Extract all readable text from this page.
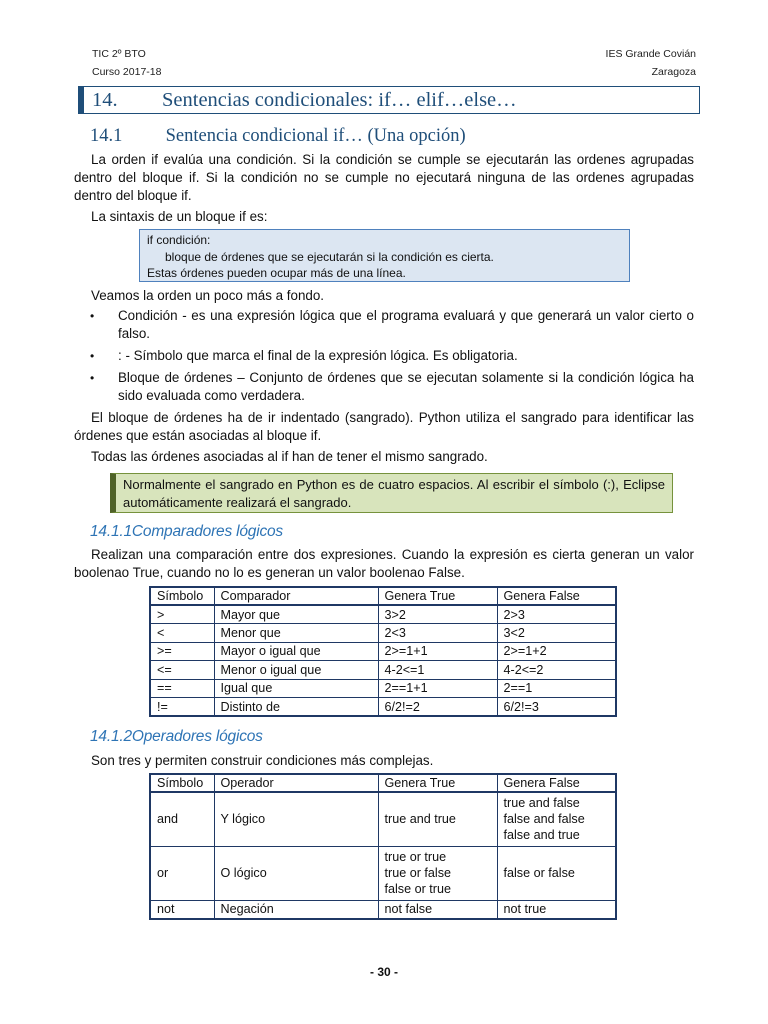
TIC 2º BTO
Curso 2017-18
IES Grande Covián
Zaragoza
14.	Sentencias condicionales: if… elif…else…
14.1 Sentencia condicional if… (Una opción)

La orden if evalúa una condición. Si la condición se cumple se ejecutarán las ordenes agrupadas dentro del bloque if. Si la condición no se cumple no ejecutará ninguna de las ordenes agrupadas dentro del bloque if.

La sintaxis de un bloque if es:

if condición:
bloque de órdenes que se ejecutarán si la condición es cierta.
Estas órdenes pueden ocupar más de una línea.

Veamos la orden un poco más a fondo.

• Condición - es una expresión lógica que el programa evaluará y que generará un valor cierto o falso.
• : - Símbolo que marca el final de la expresión lógica. Es obligatoria.
• Bloque de órdenes – Conjunto de órdenes que se ejecutan solamente si la condición lógica ha sido evaluada como verdadera.

El bloque de órdenes ha de ir indentado (sangrado). Python utiliza el sangrado para identificar las órdenes que están asociadas al bloque if.

Todas las órdenes asociadas al if han de tener el mismo sangrado.

Normalmente el sangrado en Python es de cuatro espacios. Al escribir el símbolo (:), Eclipse automáticamente realizará el sangrado.
14.1.1Comparadores lógicos

Realizan una comparación entre dos expresiones. Cuando la expresión es cierta generan un valor boolenao True, cuando no lo es generan un valor boolenao False.

Símbolo	Comparador	Genera True	Genera False
>	Mayor que	3>2	2>3
<	Menor que	2<3	3<2
>=	Mayor o igual que	2>=1+1	2>=1+2
<=	Menor o igual que	4-2<=1	4-2<=2
==	Igual que	2==1+1	2==1
!=	Distinto de	6/2!=2	6/2!=3
14.1.2Operadores lógicos

Son tres y permiten construir condiciones más complejas.

Símbolo	Operador	Genera True	Genera False
and	Y lógico	true and true	true and false
false and false
false and true

or	O lógico	true or true
true or false
false or true	false or false
not	Negación	not false	not true
- 30 -
